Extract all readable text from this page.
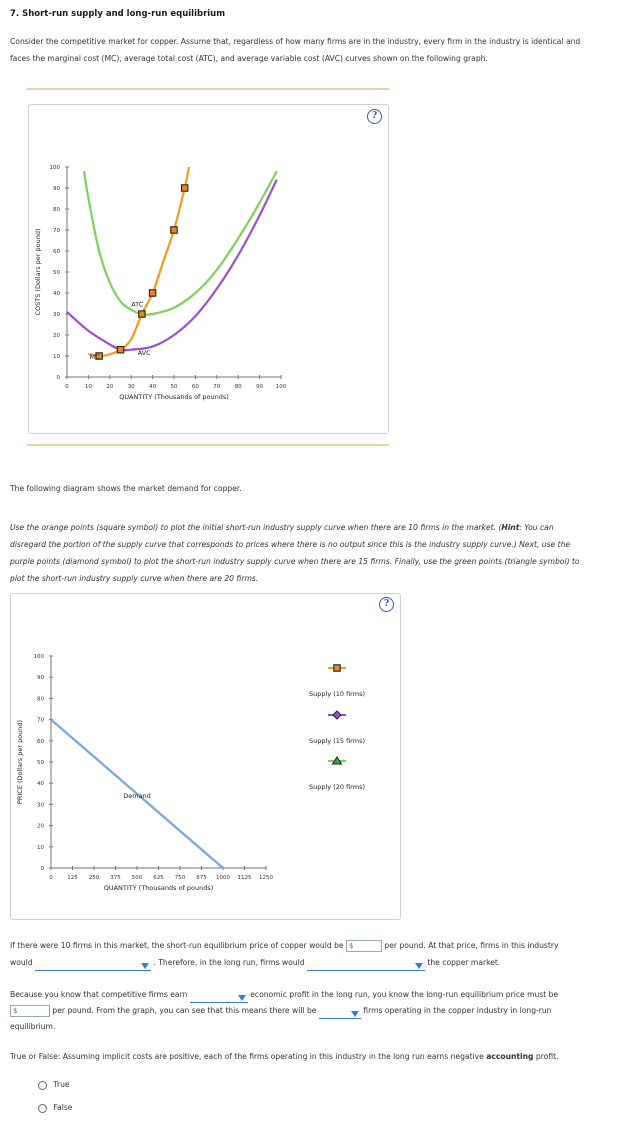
7. Short-run supply and long-run equilibrium
Consider the competitive market for copper. Assume that, regardless of how many firms are in the industry, every firm in the industry is identical and
faces the marginal cost (MC), average total cost (ATC), and average variable cost (AVC) curves shown on the following graph.
?
0
10
20
30
40
50
60
70
80
90
100
0	10	20	30	40	50	60	70	80	90 100
QUANTITY (Thousands of pounds)
COSTS (Dollars per pound)
MC
ATC
AVC
The following diagram shows the market demand for copper.
Use the orange points (square symbol) to plot the initial short-run industry supply curve when there are 10 firms in the market. (Hint: You can
disregard the portion of the supply curve that corresponds to prices where there is no output since this is the industry supply curve.) Next, use the
purple points (diamond symbol) to plot the short-run industry supply curve when there are 15 firms. Finally, use the green points (triangle symbol) to
plot the short-run industry supply curve when there are 20 firms.
?
0
10
20
30
40
50
60
70
80
90
100
0	125 250 375 500 625 750 875 1000 1125 1250
QUANTITY (Thousands of pounds)
PRICE (Dollars per pound)	Demand
Supply (10 firms)
Supply (15 firms)
Supply (20 firms)
If there were 10 firms in this market, the short-run equilibrium price of copper would be $	per pound. At that price, firms in this industry
would	. Therefore, in the long run, firms would	the copper market.
Because you know that competitive firms earn	economic profit in the long run, you know the long-run equilibrium price must be
$	per pound. From the graph, you can see that this means there will be	firms operating in the copper industry in long-run
equilibrium.
True or False: Assuming implicit costs are positive, each of the firms operating in this industry in the long run earns negative accounting profit.
True
False
